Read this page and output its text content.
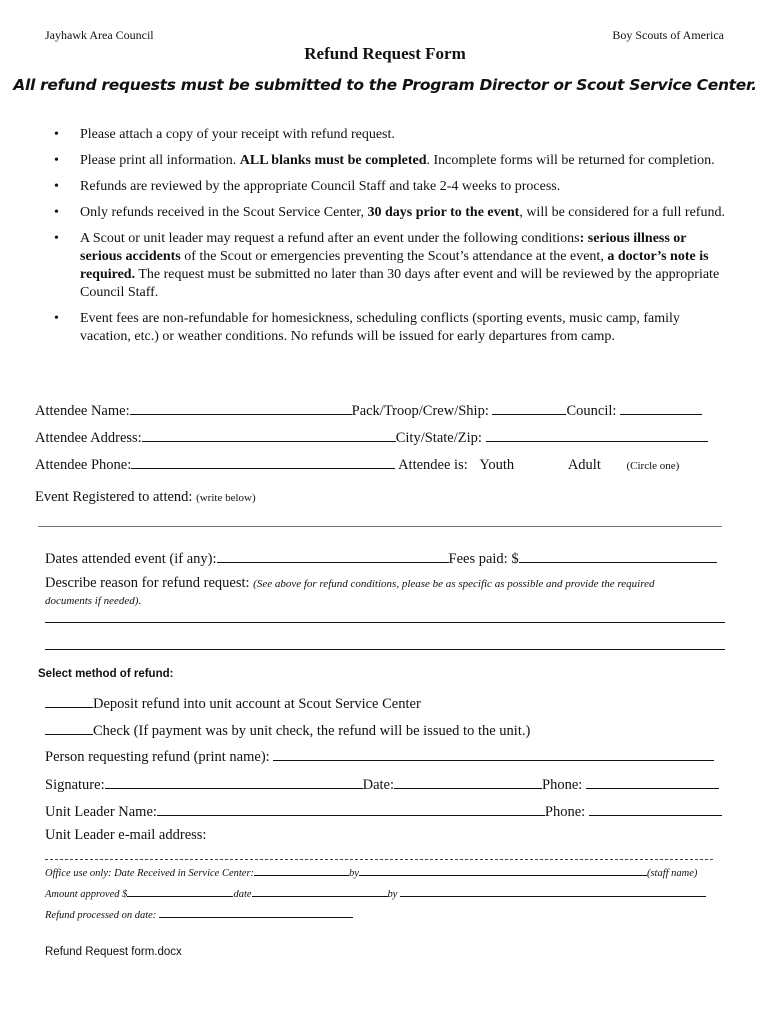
Jayhawk Area Council	Boy Scouts of America
Refund Request Form
All refund requests must be submitted to the Program Director or Scout Service Center.
• Please attach a copy of your receipt with refund request.
• Please print all information. ALL blanks must be completed. Incomplete forms will be returned for completion.
• Refunds are reviewed by the appropriate Council Staff and take 2-4 weeks to process.
• Only refunds received in the Scout Service Center, 30 days prior to the event, will be considered for a full refund.
• A Scout or unit leader may request a refund after an event under the following conditions: serious illness or serious accidents of the Scout or emergencies preventing the Scout’s attendance at the event, a doctor’s note is required. The request must be submitted no later than 30 days after event and will be reviewed by the appropriate Council Staff.
• Event fees are non-refundable for homesickness, scheduling conflicts (sporting events, music camp, family vacation, etc.) or weather conditions. No refunds will be issued for early departures from camp.
Attendee Name:	Pack/Troop/Crew/Ship:	Council:
Attendee Address:	City/State/Zip:
Attendee Phone:	Attendee is: Youth	Adult (Circle one)
Event Registered to attend: (write below)
Dates attended event (if any):	Fees paid: $
Describe reason for refund request: (See above for refund conditions, please be as specific as possible and provide the required documents if needed).
Select method of refund:
Deposit refund into unit account at Scout Service Center
Check (If payment was by unit check, the refund will be issued to the unit.)
Person requesting refund (print name):
Signature:	Date:	Phone:
Unit Leader Name:	Phone:
Unit Leader e-mail address:
Office use only: Date Received in Service Center:	by	(staff name)
Amount approved $	date	by
Refund processed on date:
Refund Request form.docx
